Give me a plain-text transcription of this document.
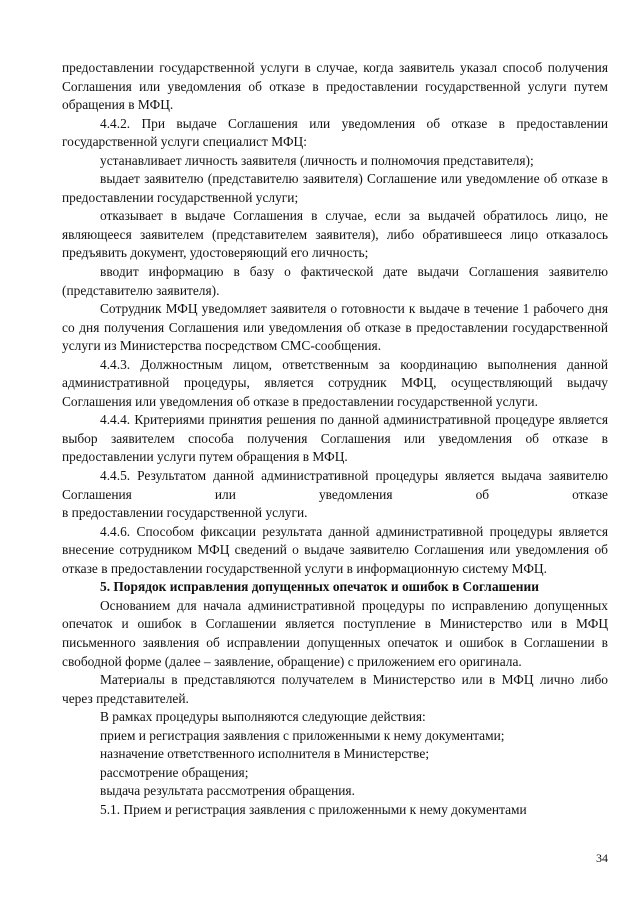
предоставлении государственной услуги в случае, когда заявитель указал способ получения Соглашения или уведомления об отказе в предоставлении государственной услуги путем обращения в МФЦ.

4.4.2. При выдаче Соглашения или уведомления об отказе в предоставлении государственной услуги специалист МФЦ:

устанавливает личность заявителя (личность и полномочия представителя);

выдает заявителю (представителю заявителя) Соглашение или уведомление об отказе в предоставлении государственной услуги;

отказывает в выдаче Соглашения в случае, если за выдачей обратилось лицо, не являющееся заявителем (представителем заявителя), либо обратившееся лицо отказалось предъявить документ, удостоверяющий его личность;

вводит информацию в базу о фактической дате выдачи Соглашения заявителю (представителю заявителя).

Сотрудник МФЦ уведомляет заявителя о готовности к выдаче в течение 1 рабочего дня со дня получения Соглашения или уведомления об отказе в предоставлении государственной услуги из Министерства посредством СМС-сообщения.

4.4.3. Должностным лицом, ответственным за координацию выполнения данной административной процедуры, является сотрудник МФЦ, осуществляющий выдачу Соглашения или уведомления об отказе в предоставлении государственной услуги.

4.4.4. Критериями принятия решения по данной административной процедуре является выбор заявителем способа получения Соглашения или уведомления об отказе в предоставлении услуги путем обращения в МФЦ.

4.4.5. Результатом данной административной процедуры является выдача заявителю Соглашения или уведомления об отказе

в предоставлении государственной услуги.

4.4.6. Способом фиксации результата данной административной процедуры является внесение сотрудником МФЦ сведений о выдаче заявителю Соглашения или уведомления об отказе в предоставлении государственной услуги в информационную систему МФЦ.

5. Порядок исправления допущенных опечаток и ошибок в Соглашении

Основанием для начала административной процедуры по исправлению допущенных опечаток и ошибок в Соглашении является поступление в Министерство или в МФЦ письменного заявления об исправлении допущенных опечаток и ошибок в Соглашении в свободной форме (далее – заявление, обращение) с приложением его оригинала.

Материалы в представляются получателем в Министерство или в МФЦ лично либо через представителей.

В рамках процедуры выполняются следующие действия:

прием и регистрация заявления с приложенными к нему документами;

назначение ответственного исполнителя в Министерстве;

рассмотрение обращения;

выдача результата рассмотрения обращения.

5.1. Прием и регистрация заявления с приложенными к нему документами

34
